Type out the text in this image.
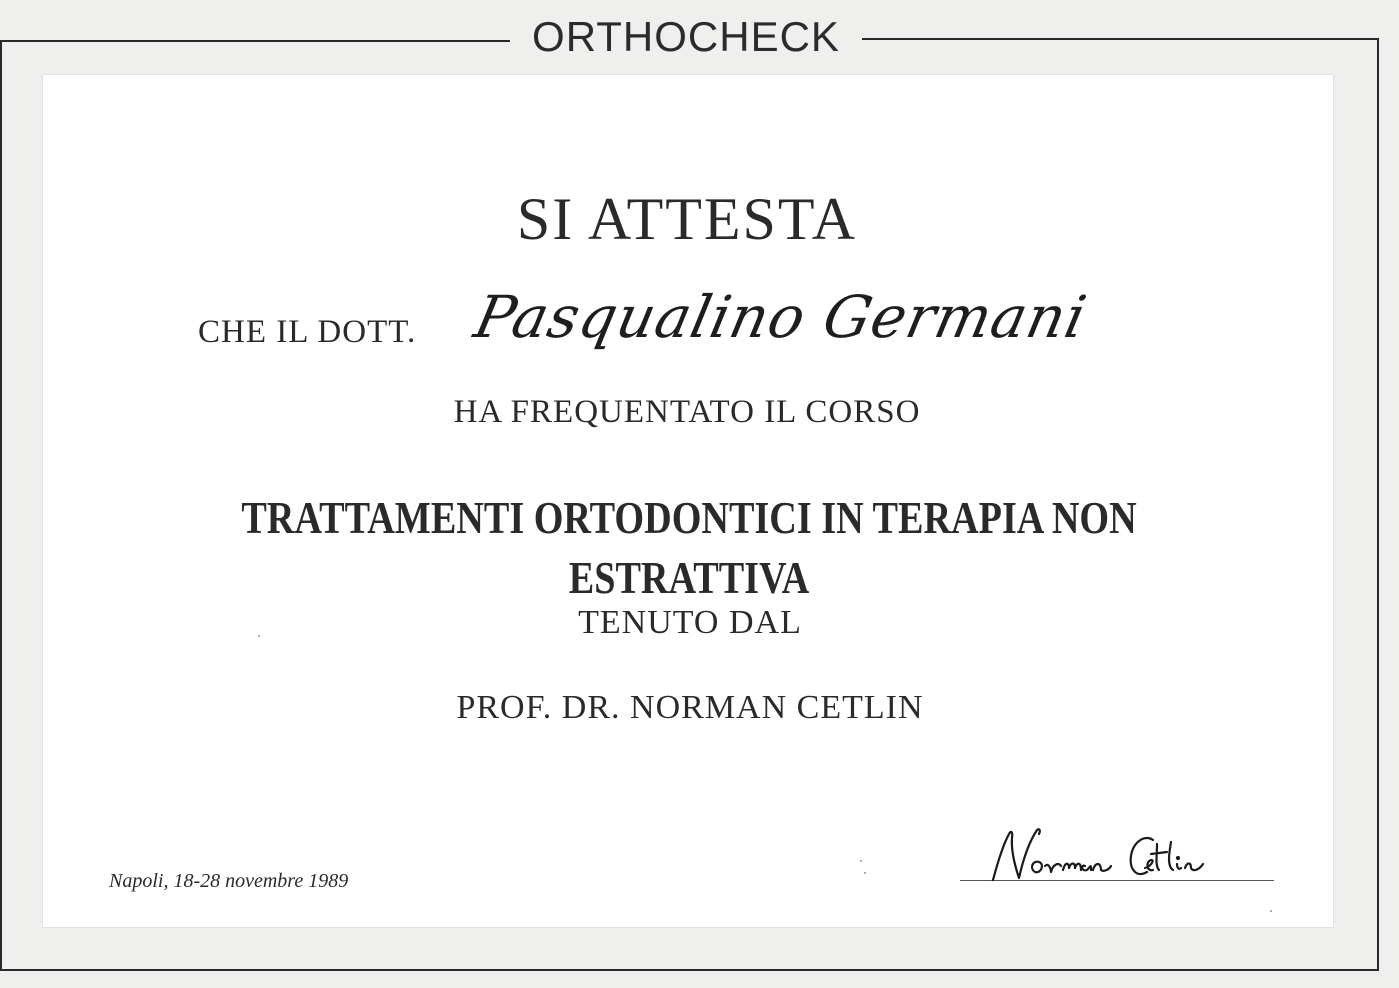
ORTHOCHECK
SI ATTESTA
CHE IL DOTT. Pasqualino Germani
HA FREQUENTATO IL CORSO
TRATTAMENTI ORTODONTICI IN TERAPIA NON ESTRATTIVA
TENUTO DAL
PROF. DR. NORMAN CETLIN
Napoli, 18-28 novembre 1989
